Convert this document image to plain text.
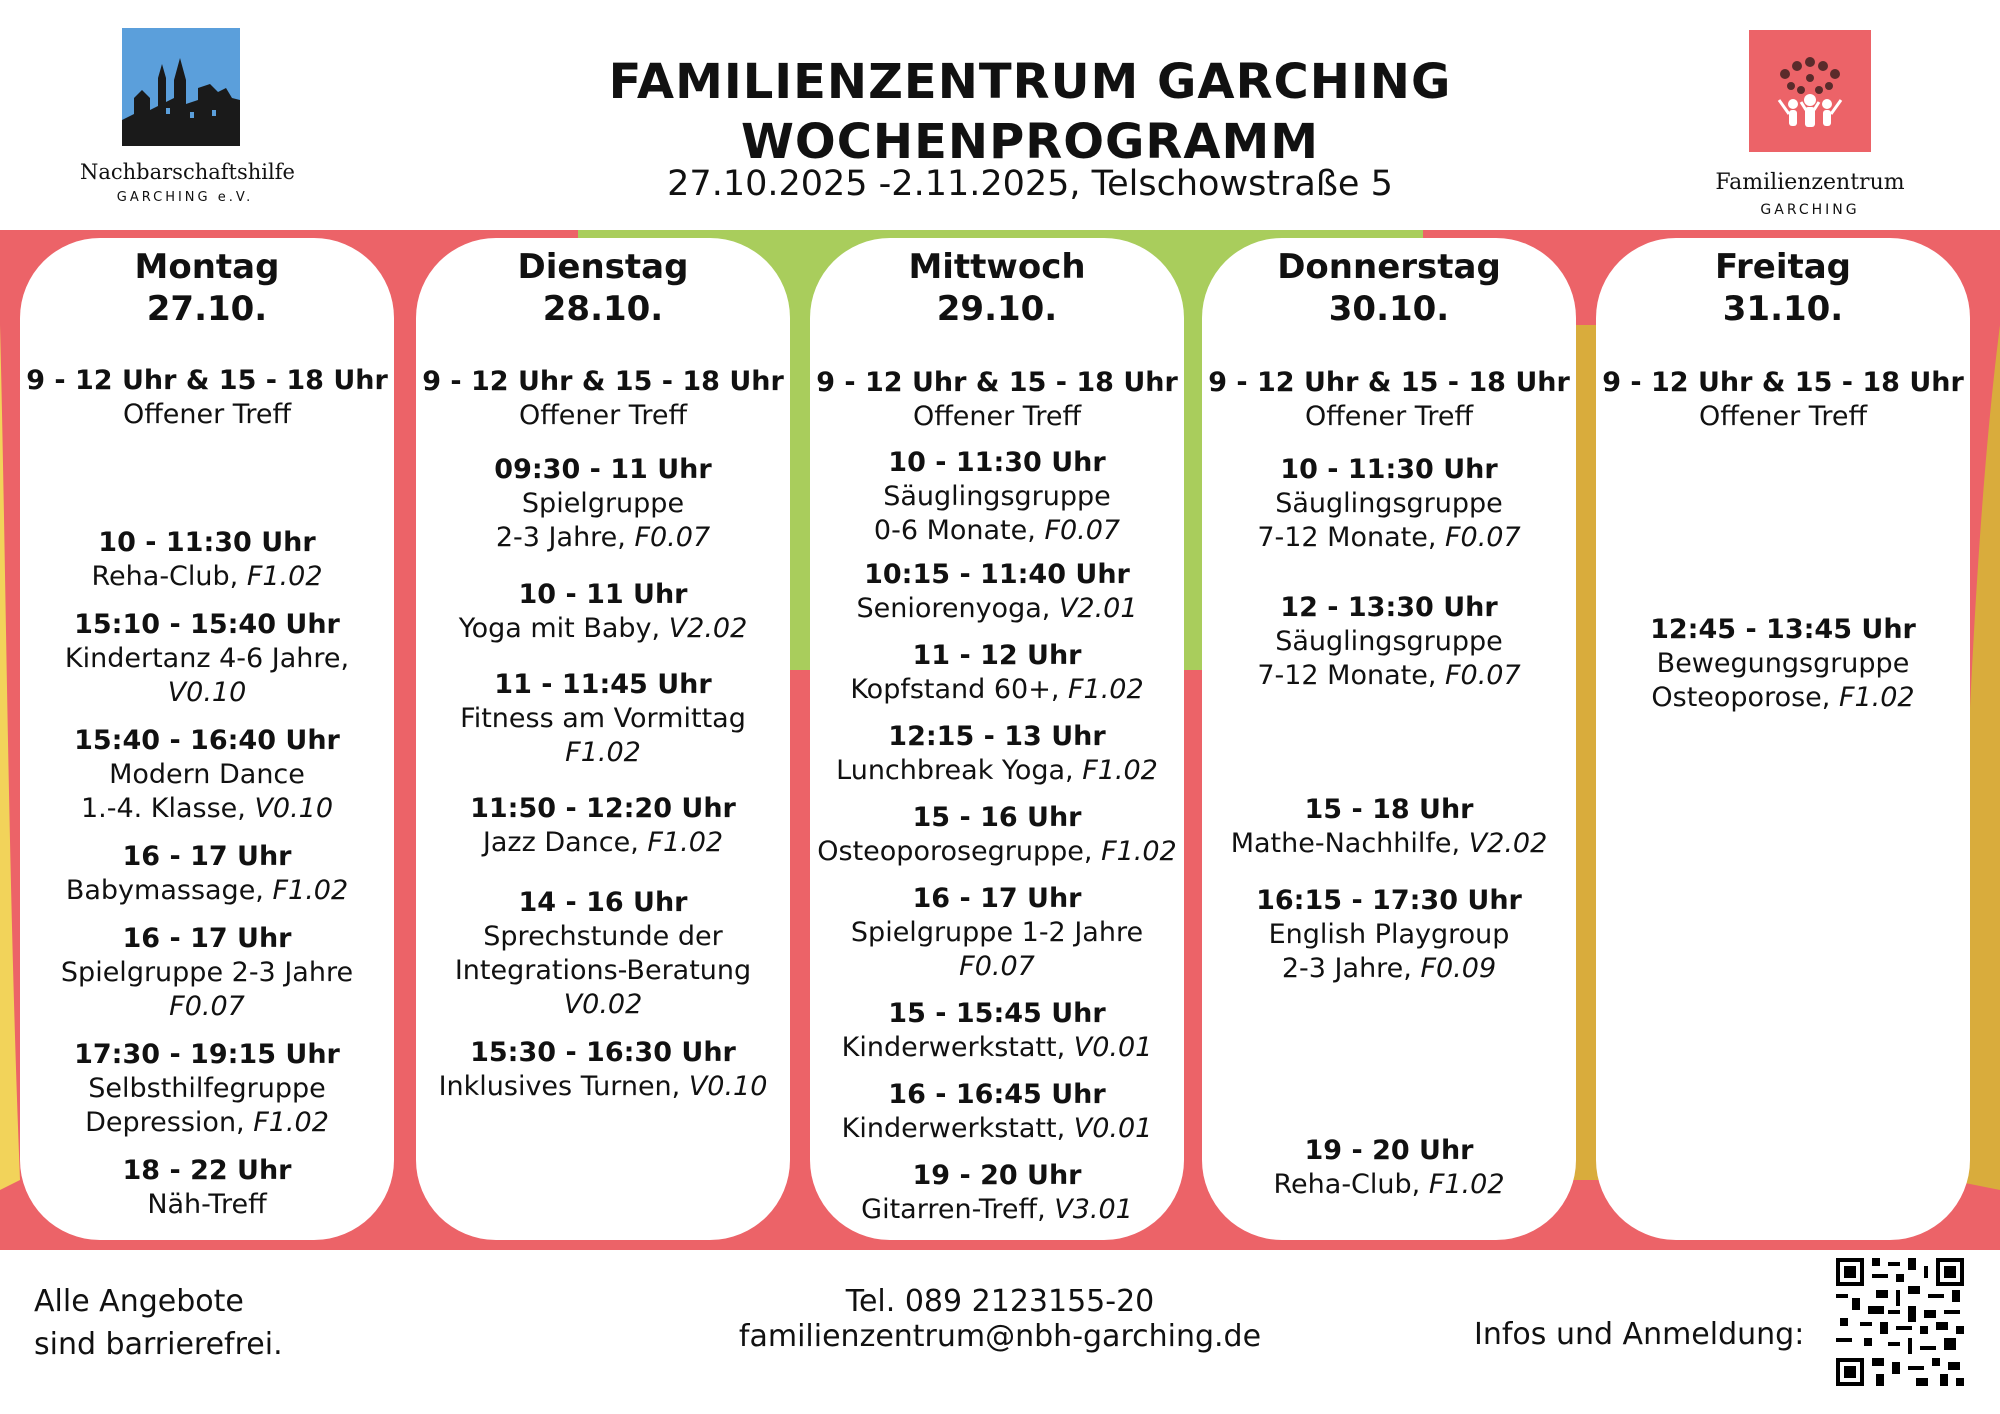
Nachbarschaftshilfe
GARCHING e.V.
FAMILIENZENTRUM GARCHING
WOCHENPROGRAMM
27.10.2025 -2.11.2025, Telschowstraße 5	Familienzentrum
GARCHING
Montag
27.10.
9 - 12 Uhr & 15 - 18 Uhr
Offener Treff
10 - 11:30 Uhr
Reha-Club, F1.02
15:10 - 15:40 Uhr
Kindertanz 4-6 Jahre,
V0.10
15:40 - 16:40 Uhr
Modern Dance
1.-4. Klasse, V0.10
16 - 17 Uhr
Babymassage, F1.02
16 - 17 Uhr
Spielgruppe 2-3 Jahre
F0.07
17:30 - 19:15 Uhr
Selbsthilfegruppe
Depression, F1.02
18 - 22 Uhr
Näh-Treff
Dienstag
28.10.
9 - 12 Uhr & 15 - 18 Uhr
Offener Treff
09:30 - 11 Uhr
Spielgruppe
2-3 Jahre, F0.07
10 - 11 Uhr
Yoga mit Baby, V2.02
11 - 11:45 Uhr
Fitness am Vormittag
F1.02
11:50 - 12:20 Uhr
Jazz Dance, F1.02
14 - 16 Uhr
Sprechstunde der
Integrations-Beratung
V0.02
15:30 - 16:30 Uhr
Inklusives Turnen, V0.10
Mittwoch
29.10.
9 - 12 Uhr & 15 - 18 Uhr
Offener Treff
10 - 11:30 Uhr
Säuglingsgruppe
0-6 Monate, F0.07
10:15 - 11:40 Uhr
Seniorenyoga, V2.01
11 - 12 Uhr
Kopfstand 60+, F1.02
12:15 - 13 Uhr
Lunchbreak Yoga, F1.02
15 - 16 Uhr
Osteoporosegruppe, F1.02
16 - 17 Uhr
Spielgruppe 1-2 Jahre
F0.07
15 - 15:45 Uhr
Kinderwerkstatt, V0.01
16 - 16:45 Uhr
Kinderwerkstatt, V0.01
19 - 20 Uhr
Gitarren-Treff, V3.01
Donnerstag
30.10.
9 - 12 Uhr & 15 - 18 Uhr
Offener Treff
10 - 11:30 Uhr
Säuglingsgruppe
7-12 Monate, F0.07
12 - 13:30 Uhr
Säuglingsgruppe
7-12 Monate, F0.07
15 - 18 Uhr
Mathe-Nachhilfe, V2.02
16:15 - 17:30 Uhr
English Playgroup
2-3 Jahre, F0.09
19 - 20 Uhr
Reha-Club, F1.02
Freitag
31.10.
9 - 12 Uhr & 15 - 18 Uhr
Offener Treff
12:45 - 13:45 Uhr
Bewegungsgruppe
Osteoporose, F1.02
Alle Angebote
sind barrierefrei.
Tel. 089 2123155-20
familienzentrum@nbh-garching.de	Infos und Anmeldung:
